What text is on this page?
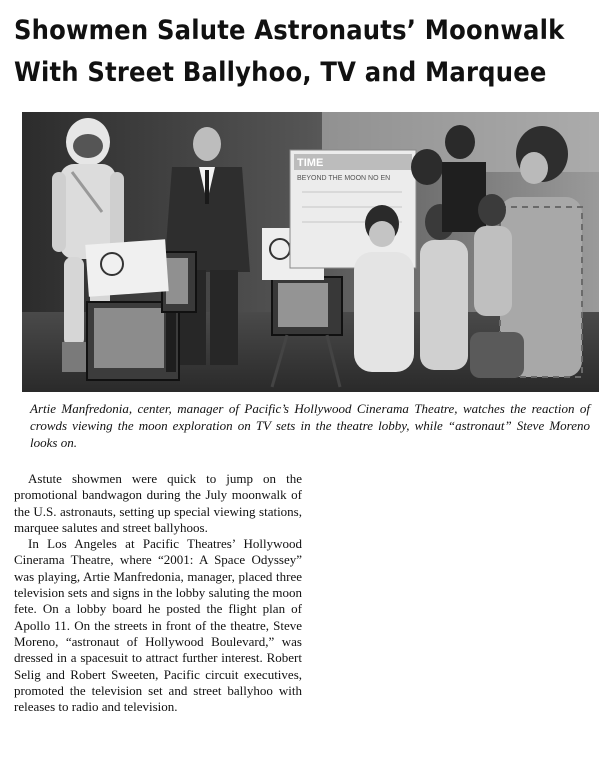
Showmen Salute Astronauts’ Moonwalk
With Street Ballyhoo, TV and Marquee
TIME
BEYOND THE MOON NO EN

Artie Manfredonia, center, manager of Pacific’s Hollywood Cinerama Theatre, watches the reaction of crowds viewing the moon exploration on TV sets in the theatre lobby, while “astronaut” Steve Moreno looks on.

Astute showmen were quick to jump on the promotional bandwagon during the July moonwalk of the U.S. astronauts, setting up special viewing stations, marquee salutes and street ballyhoos.

In Los Angeles at Pacific Theatres’ Hollywood Cinerama Theatre, where “2001: A Space Odyssey” was playing, Artie Manfredonia, manager, placed three television sets and signs in the lobby saluting the moon fete. On a lobby board he posted the flight plan of Apollo 11. On the streets in front of the theatre, Steve Moreno, “astronaut of Hollywood Boulevard,” was dressed in a spacesuit to attract further interest. Robert Selig and Robert Sweeten, Pacific circuit executives, promoted the television set and street ballyhoo with releases to radio and television.
